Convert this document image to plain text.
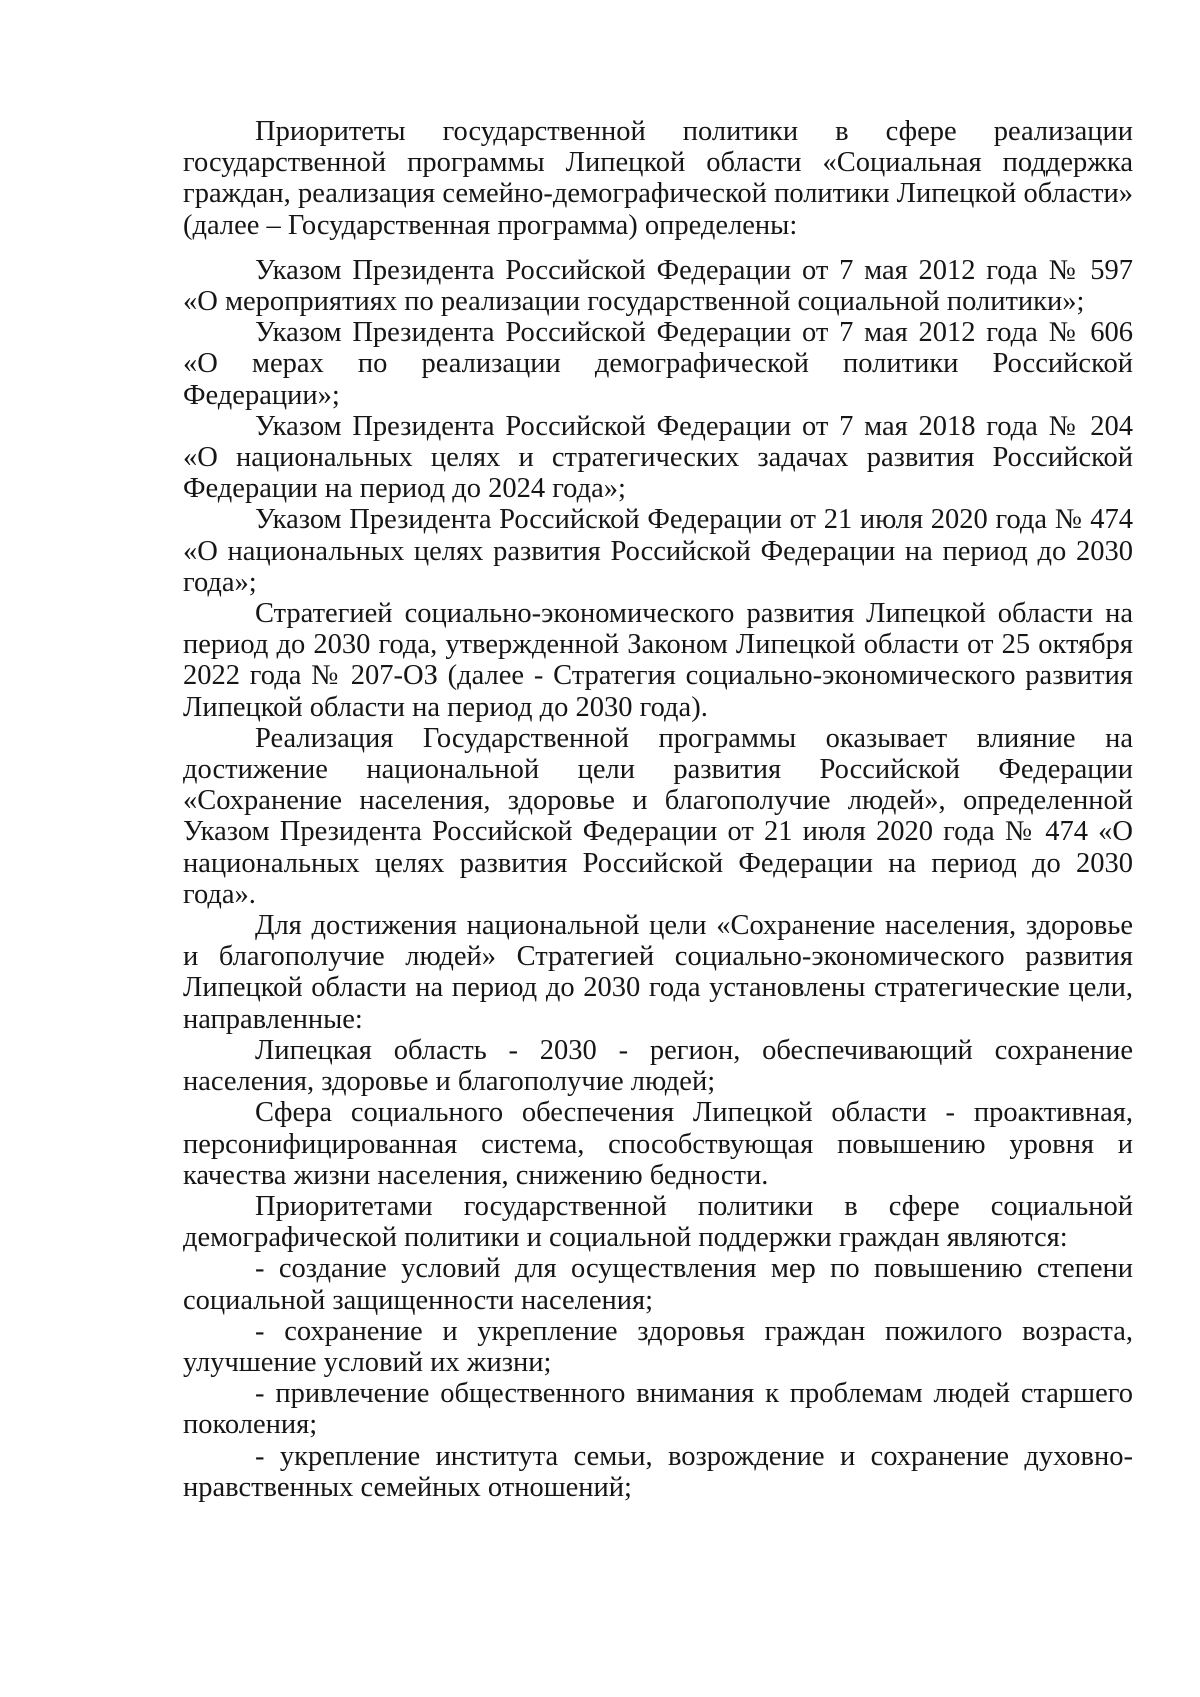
Приоритеты государственной политики в сфере реализации государственной программы Липецкой области «Социальная поддержка граждан, реализация семейно-демографической политики Липецкой области» (далее – Государственная программа) определены:

Указом Президента Российской Федерации от 7 мая 2012 года № 597 «О мероприятиях по реализации государственной социальной политики»;

Указом Президента Российской Федерации от 7 мая 2012 года № 606 «О мерах по реализации демографической политики Российской Федерации»;

Указом Президента Российской Федерации от 7 мая 2018 года № 204 «О национальных целях и стратегических задачах развития Российской Федерации на период до 2024 года»;

Указом Президента Российской Федерации от 21 июля 2020 года № 474 «О национальных целях развития Российской Федерации на период до 2030 года»;

Стратегией социально-экономического развития Липецкой области на период до 2030 года, утвержденной Законом Липецкой области от 25 октября 2022 года № 207-ОЗ (далее - Стратегия социально-экономического развития Липецкой области на период до 2030 года).

Реализация Государственной программы оказывает влияние на достижение национальной цели развития Российской Федерации «Сохранение населения, здоровье и благополучие людей», определенной Указом Президента Российской Федерации от 21 июля 2020 года № 474 «О национальных целях развития Российской Федерации на период до 2030 года».

Для достижения национальной цели «Сохранение населения, здоровье и благополучие людей» Стратегией социально-экономического развития Липецкой области на период до 2030 года установлены стратегические цели, направленные:

Липецкая область - 2030 - регион, обеспечивающий сохранение населения, здоровье и благополучие людей;

Сфера социального обеспечения Липецкой области - проактивная, персонифицированная система, способствующая повышению уровня и качества жизни населения, снижению бедности.

Приоритетами государственной политики в сфере социальной демографической политики и социальной поддержки граждан являются:

- создание условий для осуществления мер по повышению степени социальной защищенности населения;

- сохранение и укрепление здоровья граждан пожилого возраста, улучшение условий их жизни;

- привлечение общественного внимания к проблемам людей старшего поколения;

- укрепление института семьи, возрождение и сохранение духовно-нравственных семейных отношений;
